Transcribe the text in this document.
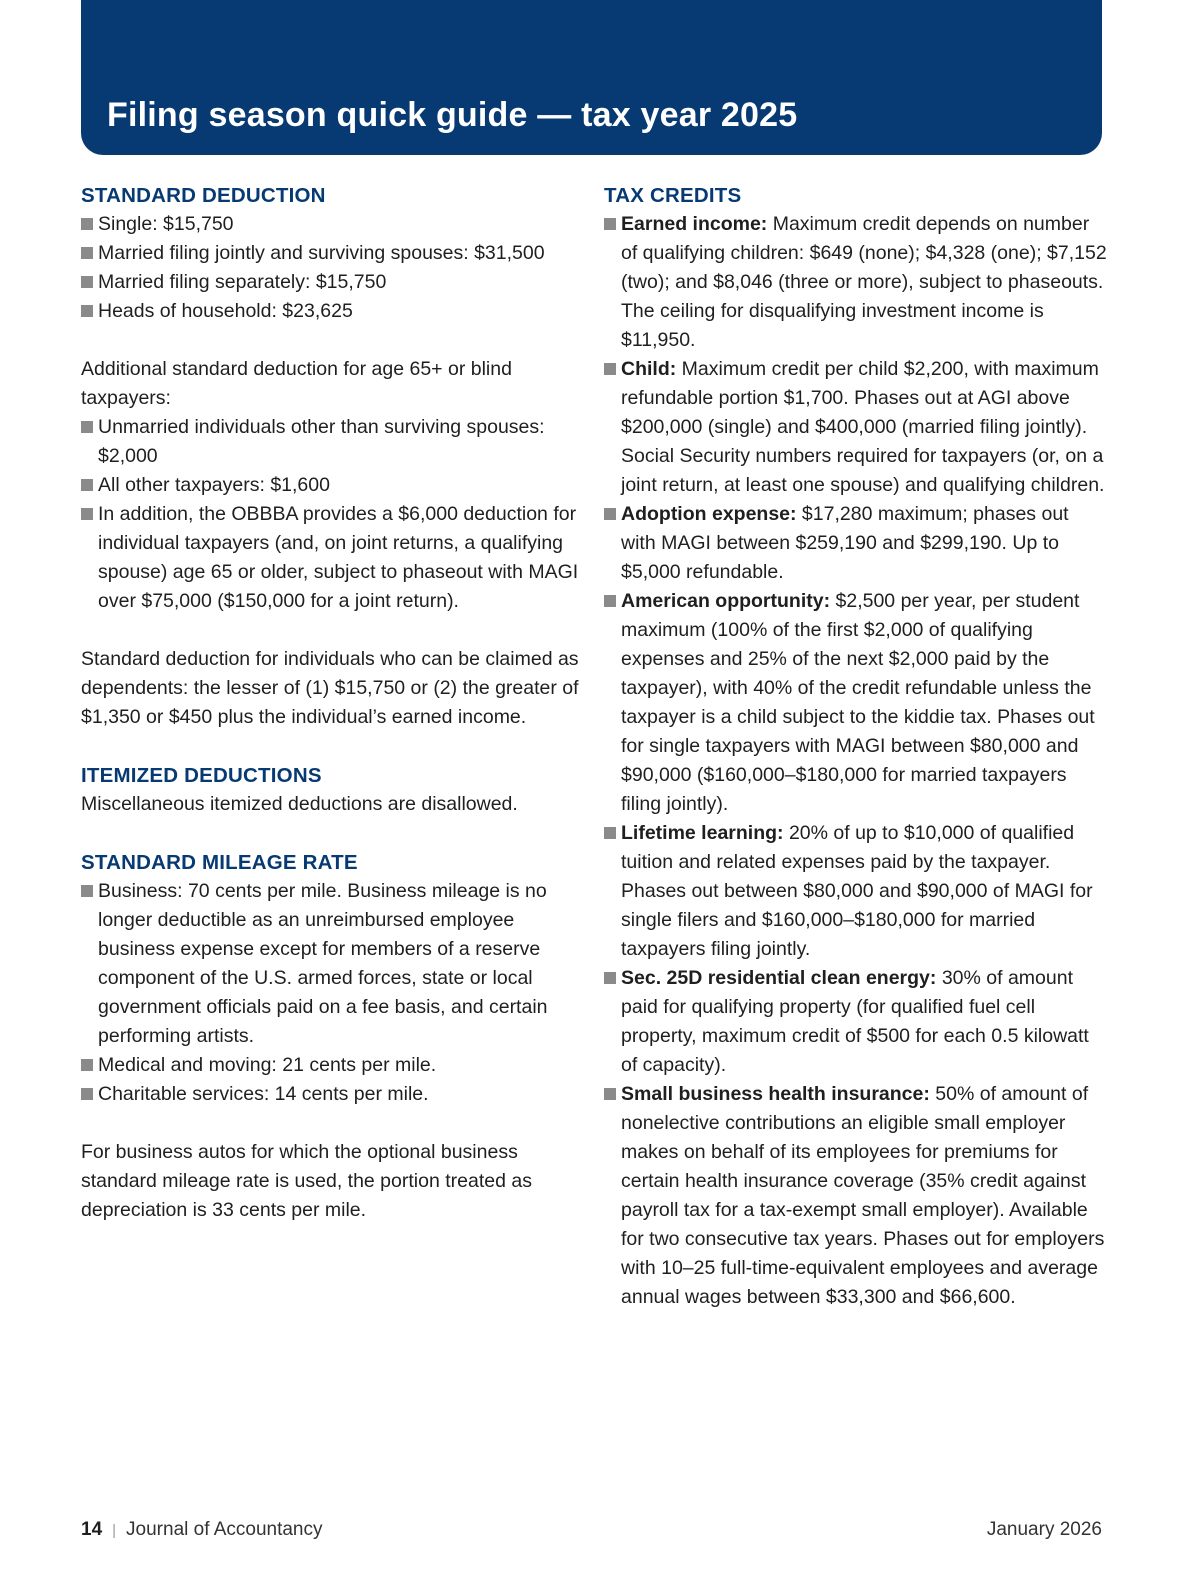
Filing season quick guide — tax year 2025
STANDARD DEDUCTION
Single: $15,750
Married filing jointly and surviving spouses: $31,500
Married filing separately: $15,750
Heads of household: $23,625

Additional standard deduction for age 65+ or blind taxpayers:

Unmarried individuals other than surviving spouses: $2,000
All other taxpayers: $1,600
In addition, the OBBBA provides a $6,000 deduction for individual taxpayers (and, on joint returns, a qualifying spouse) age 65 or older, subject to phaseout with MAGI over $75,000 ($150,000 for a joint return).

Standard deduction for individuals who can be claimed as dependents: the lesser of (1) $15,750 or (2) the greater of $1,350 or $450 plus the individual’s earned income.

ITEMIZED DEDUCTIONS

Miscellaneous itemized deductions are disallowed.

STANDARD MILEAGE RATE
Business: 70 cents per mile. Business mileage is no longer deductible as an unreimbursed employee business expense except for members of a reserve component of the U.S. armed forces, state or local government officials paid on a fee basis, and certain performing artists.
Medical and moving: 21 cents per mile.
Charitable services: 14 cents per mile.

For business autos for which the optional business standard mileage rate is used, the portion treated as depreciation is 33 cents per mile.

TAX CREDITS
Earned income: Maximum credit depends on number of qualifying children: $649 (none); $4,328 (one); $7,152 (two); and $8,046 (three or more), subject to phaseouts. The ceiling for disqualifying investment income is $11,950.
Child: Maximum credit per child $2,200, with maximum refundable portion $1,700. Phases out at AGI above $200,000 (single) and $400,000 (married filing jointly). Social Security numbers required for taxpayers (or, on a joint return, at least one spouse) and qualifying children.
Adoption expense: $17,280 maximum; phases out with MAGI between $259,190 and $299,190. Up to $5,000 refundable.
American opportunity: $2,500 per year, per student maximum (100% of the first $2,000 of qualifying expenses and 25% of the next $2,000 paid by the taxpayer), with 40% of the credit refundable unless the taxpayer is a child subject to the kiddie tax. Phases out for single taxpayers with MAGI between $80,000 and $90,000 ($160,000–$180,000 for married taxpayers filing jointly).
Lifetime learning: 20% of up to $10,000 of qualified tuition and related expenses paid by the taxpayer. Phases out between $80,000 and $90,000 of MAGI for single filers and $160,000–$180,000 for married taxpayers filing jointly.
Sec. 25D residential clean energy: 30% of amount paid for qualifying property (for qualified fuel cell property, maximum credit of $500 for each 0.5 kilowatt of capacity).
Small business health insurance: 50% of amount of nonelective contributions an eligible small employer makes on behalf of its employees for premiums for certain health insurance coverage (35% credit against payroll tax for a tax-exempt small employer). Available for two consecutive tax years. Phases out for employers with 10–25 full-time-equivalent employees and average annual wages between $33,300 and $66,600.
14 | Journal of Accountancy	January 2026
